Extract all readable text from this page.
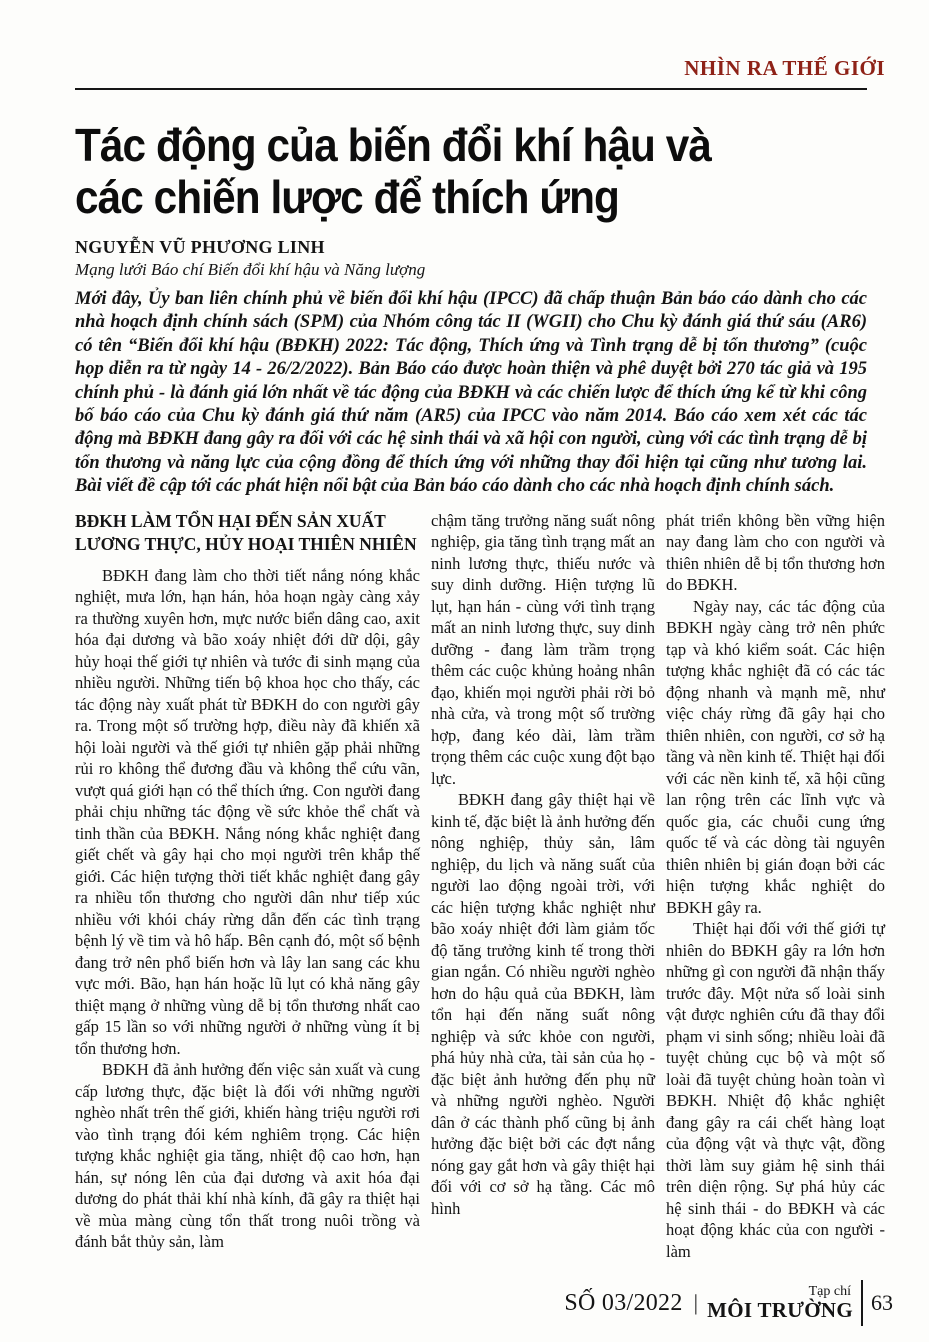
NHÌN RA THẾ GIỚI
Tác động của biến đổi khí hậu và
các chiến lược để thích ứng
NGUYỄN VŨ PHƯƠNG LINH
Mạng lưới Báo chí Biến đổi khí hậu và Năng lượng

Mới đây, Ủy ban liên chính phủ về biến đổi khí hậu (IPCC) đã chấp thuận Bản báo cáo dành cho các nhà hoạch định chính sách (SPM) của Nhóm công tác II (WGII) cho Chu kỳ đánh giá thứ sáu (AR6) có tên “Biến đổi khí hậu (BĐKH) 2022: Tác động, Thích ứng và Tình trạng dễ bị tổn thương” (cuộc họp diễn ra từ ngày 14 - 26/2/2022). Bản Báo cáo được hoàn thiện và phê duyệt bởi 270 tác giả và 195 chính phủ - là đánh giá lớn nhất về tác động của BĐKH và các chiến lược để thích ứng kể từ khi công bố báo cáo của Chu kỳ đánh giá thứ năm (AR5) của IPCC vào năm 2014. Báo cáo xem xét các tác động mà BĐKH đang gây ra đối với các hệ sinh thái và xã hội con người, cùng với các tình trạng dễ bị tổn thương và năng lực của cộng đồng để thích ứng với những thay đổi hiện tại cũng như tương lai. Bài viết đề cập tới các phát hiện nổi bật của Bản báo cáo dành cho các nhà hoạch định chính sách.

BĐKH LÀM TỔN HẠI ĐẾN SẢN XUẤT LƯƠNG THỰC, HỦY HOẠI THIÊN NHIÊN

BĐKH đang làm cho thời tiết nắng nóng khắc nghiệt, mưa lớn, hạn hán, hỏa hoạn ngày càng xảy ra thường xuyên hơn, mực nước biển dâng cao, axit hóa đại dương và bão xoáy nhiệt đới dữ dội, gây hủy hoại thế giới tự nhiên và tước đi sinh mạng của nhiều người. Những tiến bộ khoa học cho thấy, các tác động này xuất phát từ BĐKH do con người gây ra. Trong một số trường hợp, điều này đã khiến xã hội loài người và thế giới tự nhiên gặp phải những rủi ro không thể đương đầu và không thể cứu vãn, vượt quá giới hạn có thể thích ứng. Con người đang phải chịu những tác động về sức khỏe thể chất và tinh thần của BĐKH. Nắng nóng khắc nghiệt đang giết chết và gây hại cho mọi người trên khắp thế giới. Các hiện tượng thời tiết khắc nghiệt đang gây ra nhiều tổn thương cho người dân như tiếp xúc nhiều với khói cháy rừng dẫn đến các tình trạng bệnh lý về tim và hô hấp. Bên cạnh đó, một số bệnh đang trở nên phổ biến hơn và lây lan sang các khu vực mới. Bão, hạn hán hoặc lũ lụt có khả năng gây thiệt mạng ở những vùng dễ bị tổn thương nhất cao gấp 15 lần so với những người ở những vùng ít bị tổn thương hơn.

BĐKH đã ảnh hưởng đến việc sản xuất và cung cấp lương thực, đặc biệt là đối với những người nghèo nhất trên thế giới, khiến hàng triệu người rơi vào tình trạng đói kém nghiêm trọng. Các hiện tượng khắc nghiệt gia tăng, nhiệt độ cao hơn, hạn hán, sự nóng lên của đại dương và axit hóa đại dương do phát thải khí nhà kính, đã gây ra thiệt hại về mùa màng cùng tổn thất trong nuôi trồng và đánh bắt thủy sản, làm

chậm tăng trưởng năng suất nông nghiệp, gia tăng tình trạng mất an ninh lương thực, thiếu nước và suy dinh dưỡng. Hiện tượng lũ lụt, hạn hán - cùng với tình trạng mất an ninh lương thực, suy dinh dưỡng - đang làm trầm trọng thêm các cuộc khủng hoảng nhân đạo, khiến mọi người phải rời bỏ nhà cửa, và trong một số trường hợp, đang kéo dài, làm trầm trọng thêm các cuộc xung đột bạo lực.

BĐKH đang gây thiệt hại về kinh tế, đặc biệt là ảnh hưởng đến nông nghiệp, thủy sản, lâm nghiệp, du lịch và năng suất của người lao động ngoài trời, với các hiện tượng khắc nghiệt như bão xoáy nhiệt đới làm giảm tốc độ tăng trưởng kinh tế trong thời gian ngắn. Có nhiều người nghèo hơn do hậu quả của BĐKH, làm tổn hại đến năng suất nông nghiệp và sức khỏe con người, phá hủy nhà cửa, tài sản của họ - đặc biệt ảnh hưởng đến phụ nữ và những người nghèo. Người dân ở các thành phố cũng bị ảnh hưởng đặc biệt bởi các đợt nắng nóng gay gắt hơn và gây thiệt hại đối với cơ sở hạ tầng. Các mô hình

phát triển không bền vững hiện nay đang làm cho con người và thiên nhiên dễ bị tổn thương hơn do BĐKH.

Ngày nay, các tác động của BĐKH ngày càng trở nên phức tạp và khó kiểm soát. Các hiện tượng khắc nghiệt đã có các tác động nhanh và mạnh mẽ, như việc cháy rừng đã gây hại cho thiên nhiên, con người, cơ sở hạ tầng và nền kinh tế. Thiệt hại đối với các nền kinh tế, xã hội cũng lan rộng trên các lĩnh vực và quốc gia, các chuỗi cung ứng quốc tế và các dòng tài nguyên thiên nhiên bị gián đoạn bởi các hiện tượng khắc nghiệt do BĐKH gây ra.

Thiệt hại đối với thế giới tự nhiên do BĐKH gây ra lớn hơn những gì con người đã nhận thấy trước đây. Một nửa số loài sinh vật được nghiên cứu đã thay đổi phạm vi sinh sống; nhiều loài đã tuyệt chủng cục bộ và một số loài đã tuyệt chủng hoàn toàn vì BĐKH. Nhiệt độ khắc nghiệt đang gây ra cái chết hàng loạt của động vật và thực vật, đồng thời làm suy giảm hệ sinh thái trên diện rộng. Sự phá hủy các hệ sinh thái - do BĐKH và các hoạt động khác của con người - làm

SỐ 03/2022 |	Tạp chí
MÔI TRƯỜNG 63
